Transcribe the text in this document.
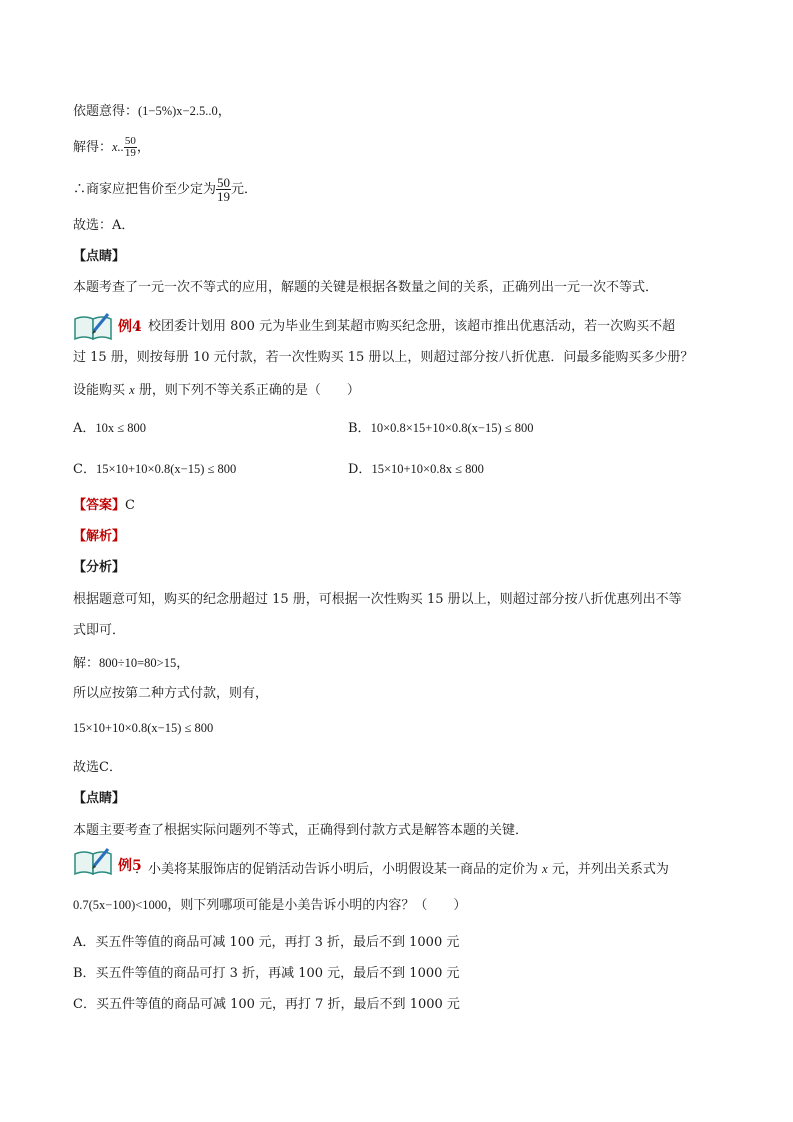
依题意得：(1−5%)x−2.5..0，
解得：x.. $\frac{50}{19}$ ，
∴商家应把售价至少定为 $\frac{50}{19}$ 元．
故选：A．
【点睛】
本题考查了一元一次不等式的应用，解题的关键是根据各数量之间的关系，正确列出一元一次不等式．
例4
．校团委计划用 800 元为毕业生到某超市购买纪念册，该超市推出优惠活动，若一次购买不超
过 15 册，则按每册 10 元付款，若一次性购买 15 册以上，则超过部分按八折优惠．问最多能购买多少册？
设能购买 x 册，则下列不等关系正确的是（　　）
A．10x ≤ 800	B．10×0.8×15+10×0.8(x−15) ≤ 800
C．15×10+10×0.8(x−15) ≤ 800	D．15×10+10×0.8x ≤ 800
【答案】C
【解析】
【分析】
根据题意可知，购买的纪念册超过 15 册，可根据一次性购买 15 册以上，则超过部分按八折优惠列出不等
式即可．
解：800÷10=80>15，
所以应按第二种方式付款，则有，
15×10+10×0.8(x−15) ≤ 800
故选C．
【点睛】
本题主要考查了根据实际问题列不等式，正确得到付款方式是解答本题的关键．
例5
．小美将某服饰店的促销活动告诉小明后，小明假设某一商品的定价为 x 元，并列出关系式为
0.7(5x−100)<1000，则下列哪项可能是小美告诉小明的内容？（　　）
A．买五件等值的商品可减 100 元，再打 3 折，最后不到 1000 元
B．买五件等值的商品可打 3 折，再减 100 元，最后不到 1000 元
C．买五件等值的商品可减 100 元，再打 7 折，最后不到 1000 元
